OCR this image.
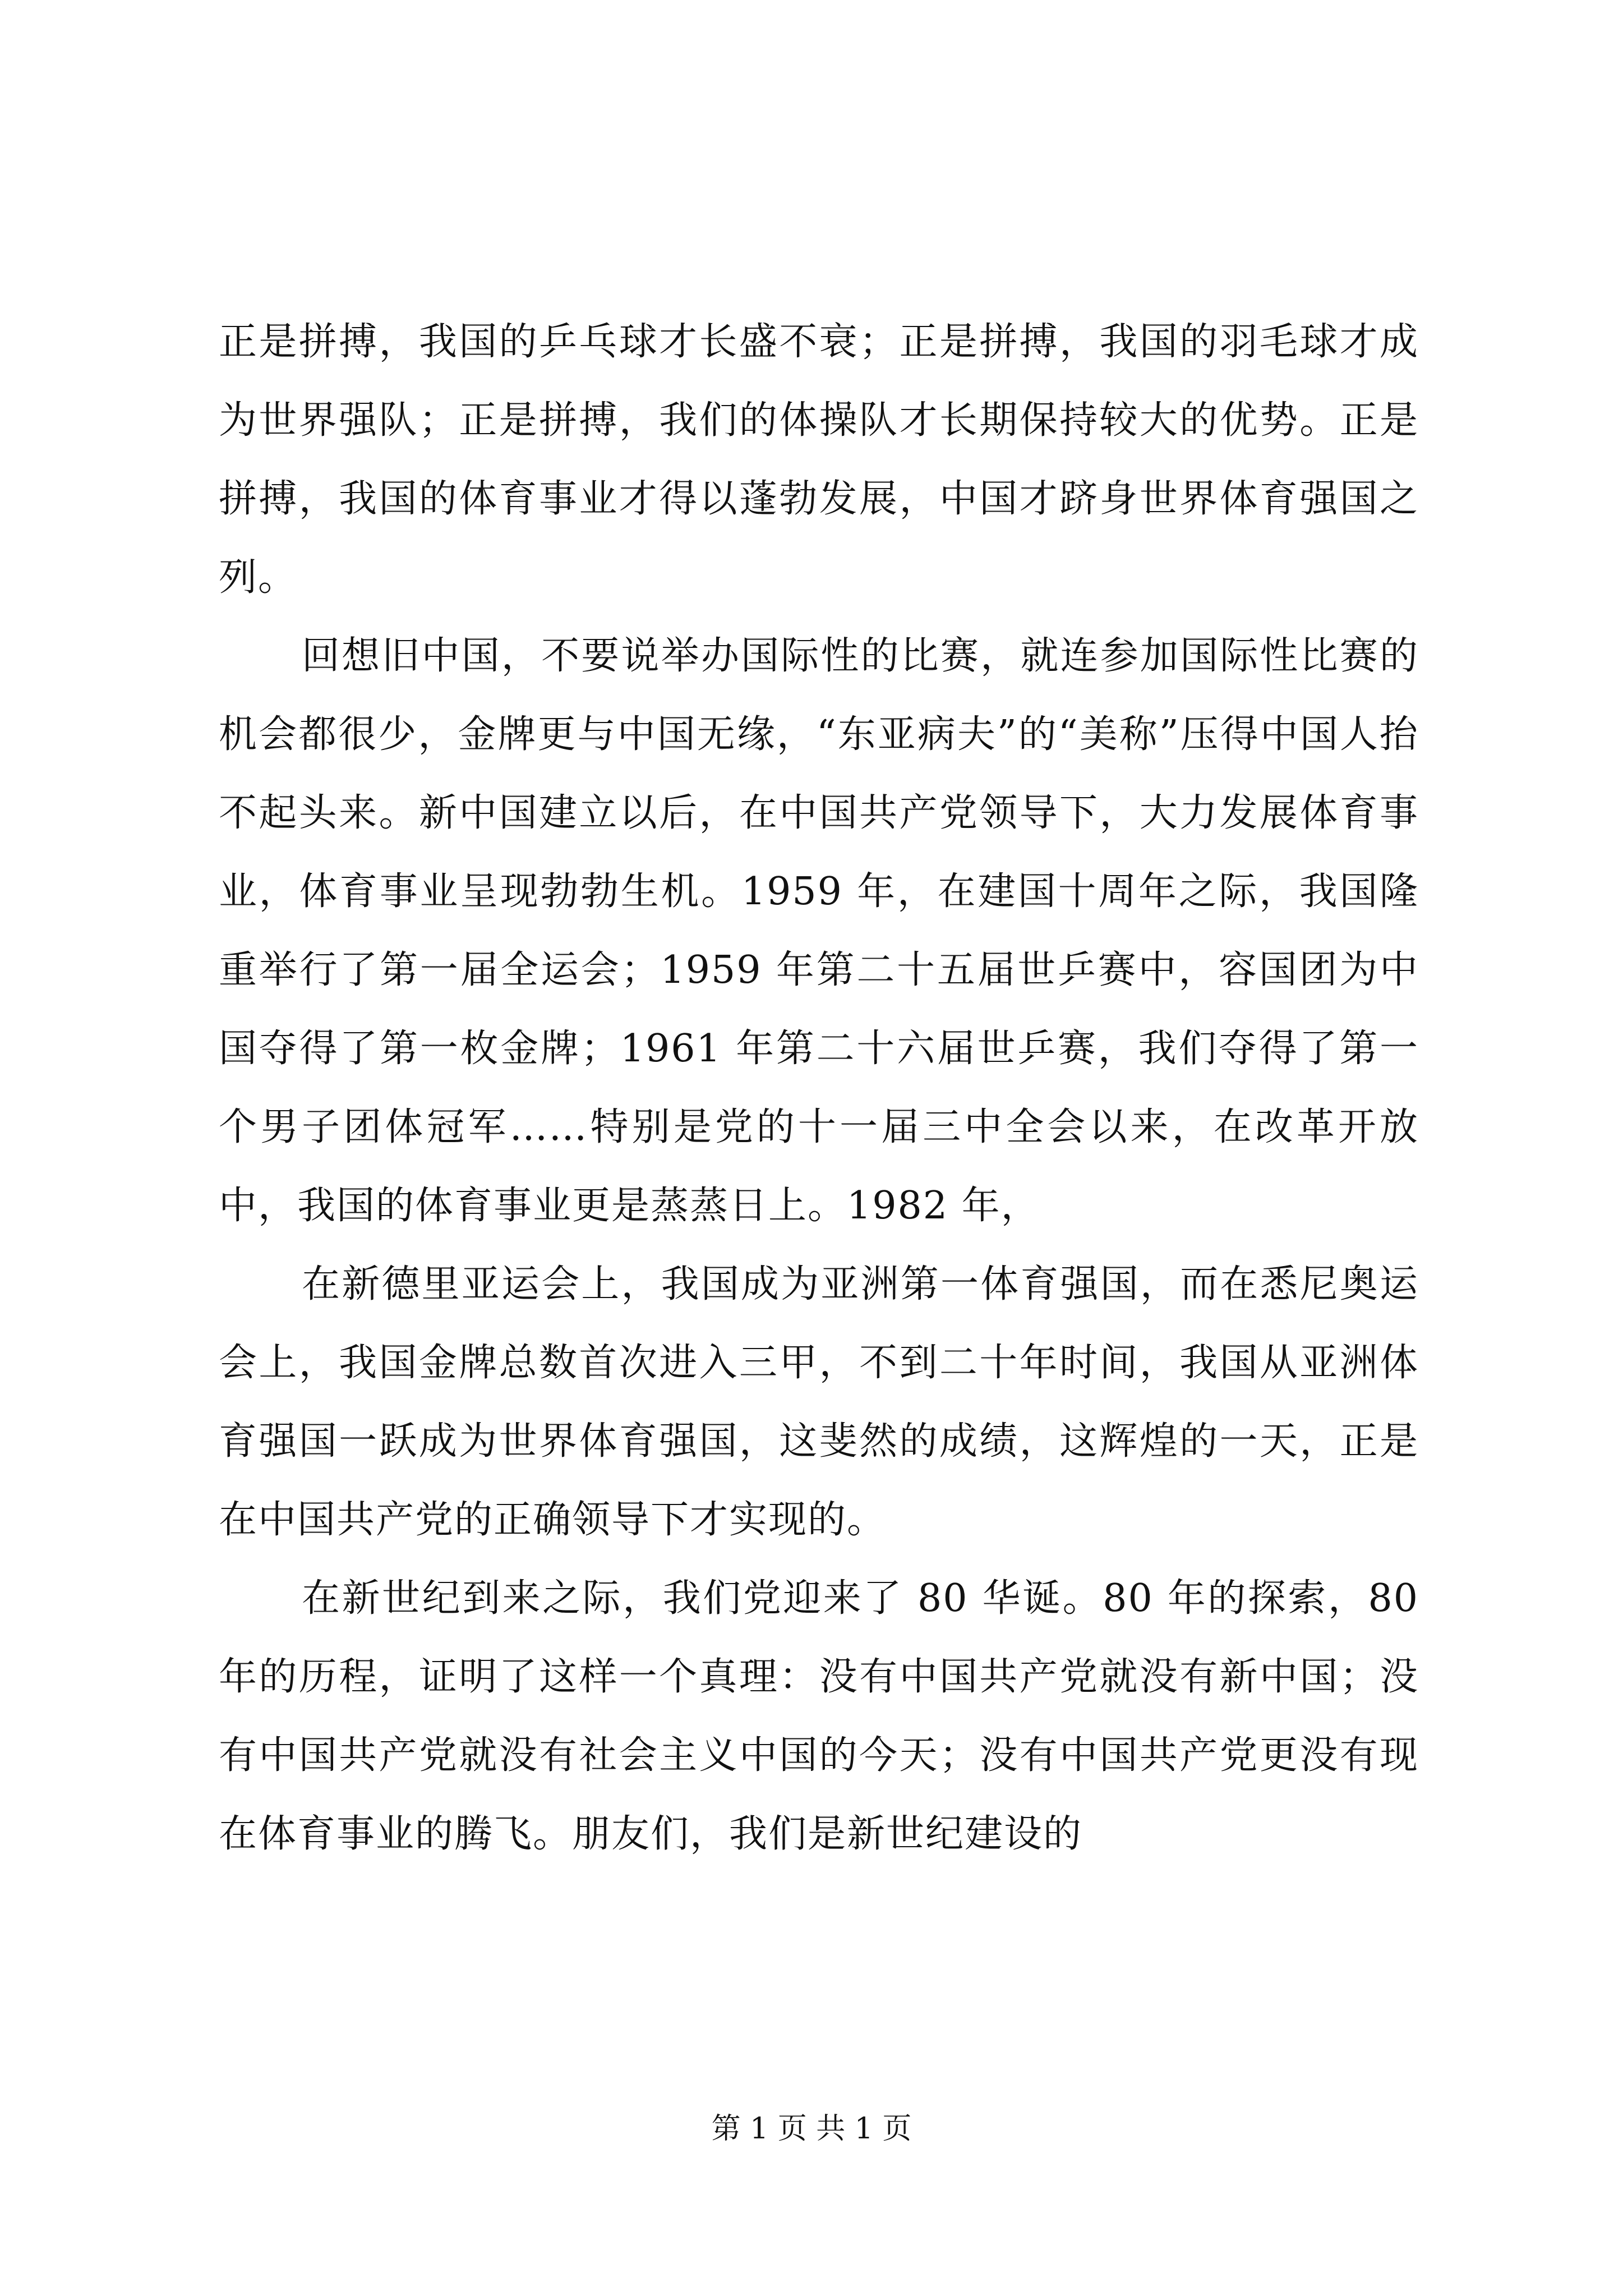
正是拼搏，我国的乒乓球才长盛不衰；正是拼搏，我国的羽毛球才成为世界强队；正是拼搏，我们的体操队才长期保持较大的优势。正是拼搏，我国的体育事业才得以蓬勃发展，中国才跻身世界体育强国之列。

回想旧中国，不要说举办国际性的比赛，就连参加国际性比赛的机会都很少，金牌更与中国无缘，“东亚病夫”的“美称”压得中国人抬不起头来。新中国建立以后，在中国共产党领导下，大力发展体育事业，体育事业呈现勃勃生机。1959 年，在建国十周年之际，我国隆重举行了第一届全运会；1959 年第二十五届世乒赛中，容国团为中国夺得了第一枚金牌；1961 年第二十六届世乒赛，我们夺得了第一个男子团体冠军……特别是党的十一届三中全会以来，在改革开放中，我国的体育事业更是蒸蒸日上。1982 年，

在新德里亚运会上，我国成为亚洲第一体育强国，而在悉尼奥运会上，我国金牌总数首次进入三甲，不到二十年时间，我国从亚洲体育强国一跃成为世界体育强国，这斐然的成绩，这辉煌的一天，正是在中国共产党的正确领导下才实现的。

在新世纪到来之际，我们党迎来了 80 华诞。80 年的探索，80 年的历程，证明了这样一个真理：没有中国共产党就没有新中国；没有中国共产党就没有社会主义中国的今天；没有中国共产党更没有现在体育事业的腾飞。朋友们，我们是新世纪建设的

第 1 页 共 1 页
